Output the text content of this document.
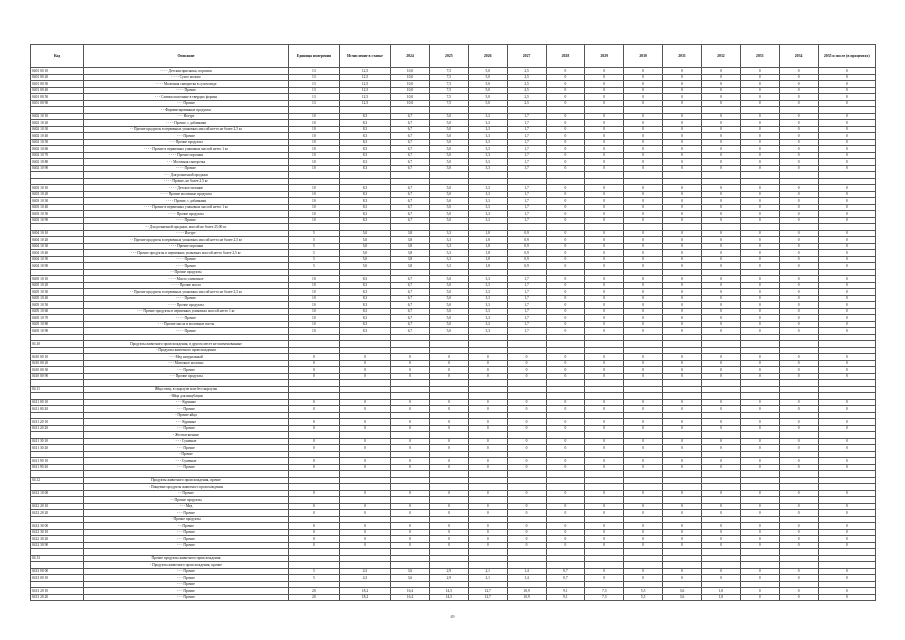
Код	Описание	Единица измерения	Исчисление в ставке	2024	2025	2026	2027	2028	2029	2030	2031	2032	2033	2034	2035 и после (в процентах)
0401 00 10	- - - - Детская присыпка, порошок	13	12,5	10,0	7,5	5,0	2,5	0	0	0	0	0	0	0	0
0401 00 20	- - - - Сухое молоко	13	12,5	10,0	7,5	5,0	2,5	0	0	0	0	0	0	0	0
0401 00 30	- - - - Молочная сыворотка в сухом виде	13	12,5	10,0	7,5	5,0	2,5	0	0	0	0	0	0	0	0
0401 00 40	- - - - Прочие	13	12,5	10,0	7,5	5,0	2,5	0	0	0	0	0	0	0	0
0401 00 50	- - - Сливки молочные в твердых формах	13	12,5	10,0	7,5	5,0	2,5	0	0	0	0	0	0	0	0
0401 00 90	- - - Прочие	13	12,5	10,0	7,5	5,0	2,5	0	0	0	0	0	0	0	0
	- - Ферментированные продукты														
0402 10 10	- - - Йогурт	10	8,3	6,7	5,0	3,3	1,7	0	0	0	0	0	0	0	0
0402 10 20	- - - - Прочие, с добавками	10	8,3	6,7	5,0	3,3	1,7	0	0	0	0	0	0	0	0
0402 10 30	- - Прочие продукты в первичных упаковках массой нетто не более 2,5 кг	10	8,3	6,7	5,0	3,3	1,7	0	0	0	0	0	0	0	0
0402 10 40	- - - Прочие	10	8,3	6,7	5,0	3,3	1,7	0	0	0	0	0	0	0	0
0402 10 50	- - - Прочие продукты	10	8,3	6,7	5,0	3,3	1,7	0	0	0	0	0	0	0	0
0402 10 60	- - - - Прочие в первичных упаковках массой нетто 1 кг	10	8,3	6,7	5,0	3,3	1,7	0	0	0	0	0	0	0	0
0402 10 70	- - - - Прочие порошки	10	8,3	6,7	5,0	3,3	1,7	0	0	0	0	0	0	0	0
0402 10 80	- - - Молочная сыворотка	10	8,3	6,7	5,0	3,3	1,7	0	0	0	0	0	0	0	0
0402 10 90	- - - - Прочие	10	8,3	6,7	5,0	3,3	1,7	0	0	0	0	0	0	0	0
	- - - Для розничной продажи														
	- - - - Прочие, не более 2,5 кг														
0403 10 10	- - - - Детское питание	10	8,3	6,7	5,0	3,3	1,7	0	0	0	0	0	0	0	0
0403 10 20	- - - - Прочие молочные продукты	10	8,3	6,7	5,0	3,3	1,7	0	0	0	0	0	0	0	0
0403 10 30	- - - - Прочие, с добавками	10	8,3	6,7	5,0	3,3	1,7	0	0	0	0	0	0	0	0
0403 10 40	- - - - Прочие в первичных упаковках массой нетто 1 кг	10	8,3	6,7	5,0	3,3	1,7	0	0	0	0	0	0	0	0
0403 10 50	- - - - Прочие продукты	10	8,3	6,7	5,0	3,3	1,7	0	0	0	0	0	0	0	0
0403 10 90	- - - - Прочие	10	8,3	6,7	5,0	3,3	1,7	0	0	0	0	0	0	0	0
	- - Для розничной продажи, массой не более 25,00 кг														
0404 10 10	- - - - Йогурт	5	5,0	3,8	3,3	1,8	0,9	0	0	0	0	0	0	0	0
0404 10 20	- - Прочие продукты в первичных упаковках массой нетто не более 2,5 кг	5	5,0	3,8	3,3	1,8	0,9	0	0	0	0	0	0	0	0
0404 10 30	- - - - Прочие порошки	5	5,0	3,8	3,3	1,8	0,9	0	0	0	0	0	0	0	0
0404 10 40	- - - Прочие продукты в первичных упаковках массой нетто более 2,5 кг	5	5,0	3,8	3,3	1,8	0,9	0	0	0	0	0	0	0	0
0404 10 50	- - - - Прочие	5	5,0	3,8	3,3	1,8	0,9	0	0	0	0	0	0	0	0
0404 10 90	- - - - Прочие	5	5,0	3,8	3,3	1,8	0,9	0	0	0	0	0	0	0	0
	- - Прочие продукты														
0405 10 10	- - - - Масло сливочное	10	8,3	6,7	5,0	3,3	1,7	0	0	0	0	0	0	0	0
0405 10 20	- - - - Прочие масла	10	8,3	6,7	5,0	3,3	1,7	0	0	0	0	0	0	0	0
0405 10 30	- - Прочие продукты в первичных упаковках массой нетто не более 2,5 кг	10	8,3	6,7	5,0	3,3	1,7	0	0	0	0	0	0	0	0
0405 10 40	- - - - Прочие	10	8,3	6,7	5,0	3,3	1,7	0	0	0	0	0	0	0	0
0405 10 50	- - - - Прочие продукты	10	8,3	6,7	5,0	3,3	1,7	0	0	0	0	0	0	0	0
0405 10 60	- - - Прочие продукты в первичных упаковках массой нетто 1 кг	10	8,3	6,7	5,0	3,3	1,7	0	0	0	0	0	0	0	0
0405 10 70	- - - - Прочие	10	8,3	6,7	5,0	3,3	1,7	0	0	0	0	0	0	0	0
0405 10 80	- - - Прочие масла и молочные пасты	10	8,3	6,7	5,0	3,3	1,7	0	0	0	0	0	0	0	0
0405 10 90	- - - - Прочие	10	8,3	6,7	5,0	3,3	1,7	0	0	0	0	0	0	0	0

04.10	Продукты животного происхождения, в другом месте не поименованные														
	- Продукты животного происхождения														
0410 00 10	- - - Мед натуральный	0	0	0	0	0	0	0	0	0	0	0	0	0	0
0410 00 20	- - - Маточное молочко	0	0	0	0	0	0	0	0	0	0	0	0	0	0
0410 00 30	- - - Прочие	0	0	0	0	0	0	0	0	0	0	0	0	0	0
0410 00 90	- - - Прочие продукты	0	0	0	0	0	0	0	0	0	0	0	0	0	0

04.11	Яйца птиц, в скорлупе или без скорлупы														
	- Яйца для инкубации														
0411 00 10	- - - Куриные	0	0	0	0	0	0	0	0	0	0	0	0	0	0
0411 00 20	- - - Прочие	0	0	0	0	0	0	0	0	0	0	0	0	0	0
	- Прочие яйца														
0411 20 10	- - - Куриные	0	0	0	0	0	0	0	0	0	0	0	0	0	0
0411 20 20	- - - Прочие	0	0	0	0	0	0	0	0	0	0	0	0	0	0
	- Желтки яичные														
0411 30 10	- - - Сушеные	0	0	0	0	0	0	0	0	0	0	0	0	0	0
0411 30 20	- - - Прочие	0	0	0	0	0	0	0	0	0	0	0	0	0	0
	- Прочие														
0411 90 10	- - - Сушеные	0	0	0	0	0	0	0	0	0	0	0	0	0	0
0411 90 20	- - - Прочие	0	0	0	0	0	0	0	0	0	0	0	0	0	0

04.12	Продукты животного происхождения, прочие														
	- Пищевые продукты животного происхождения														
0412 10 00	- - Прочие	0	0	0	0	0	0	0	0	0	0	0	0	0	0
	- - Прочие продукты														
0412 20 10	- - - Мед	0	0	0	0	0	0	0	0	0	0	0	0	0	0
0412 20 20	- - - Прочие	0	0	0	0	0	0	0	0	0	0	0	0	0	0
	- Прочие продукты														
0412 30 00	- - Прочие	0	0	0	0	0	0	0	0	0	0	0	0	0	0
0412 30 10	- - - Прочие	0	0	0	0	0	0	0	0	0	0	0	0	0	0
0412 30 20	- - - Прочие	0	0	0	0	0	0	0	0	0	0	0	0	0	0
0412 30 90	- - - Прочие	0	0	0	0	0	0	0	0	0	0	0	0	0	0

04.13	Прочие продукты животного происхождения														
	- Продукты животного происхождения, прочие														
0413 00 00	- - - Прочие	5	4,3	3,6	2,9	2,1	1,4	0,7	0	0	0	0	0	0	0
0413 00 10	- - - Прочие	5	4,3	3,6	2,9	2,1	1,4	0,7	0	0	0	0	0	0	0
	- - - Прочие														
0413 20 10	- - - Прочие	20	18,2	16,4	14,5	12,7	10,9	9,1	7,3	5,5	3,6	1,8	0	0	0
0413 20 20	- - - Прочие	20	18,2	16,4	14,5	12,7	10,9	9,1	7,3	5,5	3,6	1,8	0	0	0
49
